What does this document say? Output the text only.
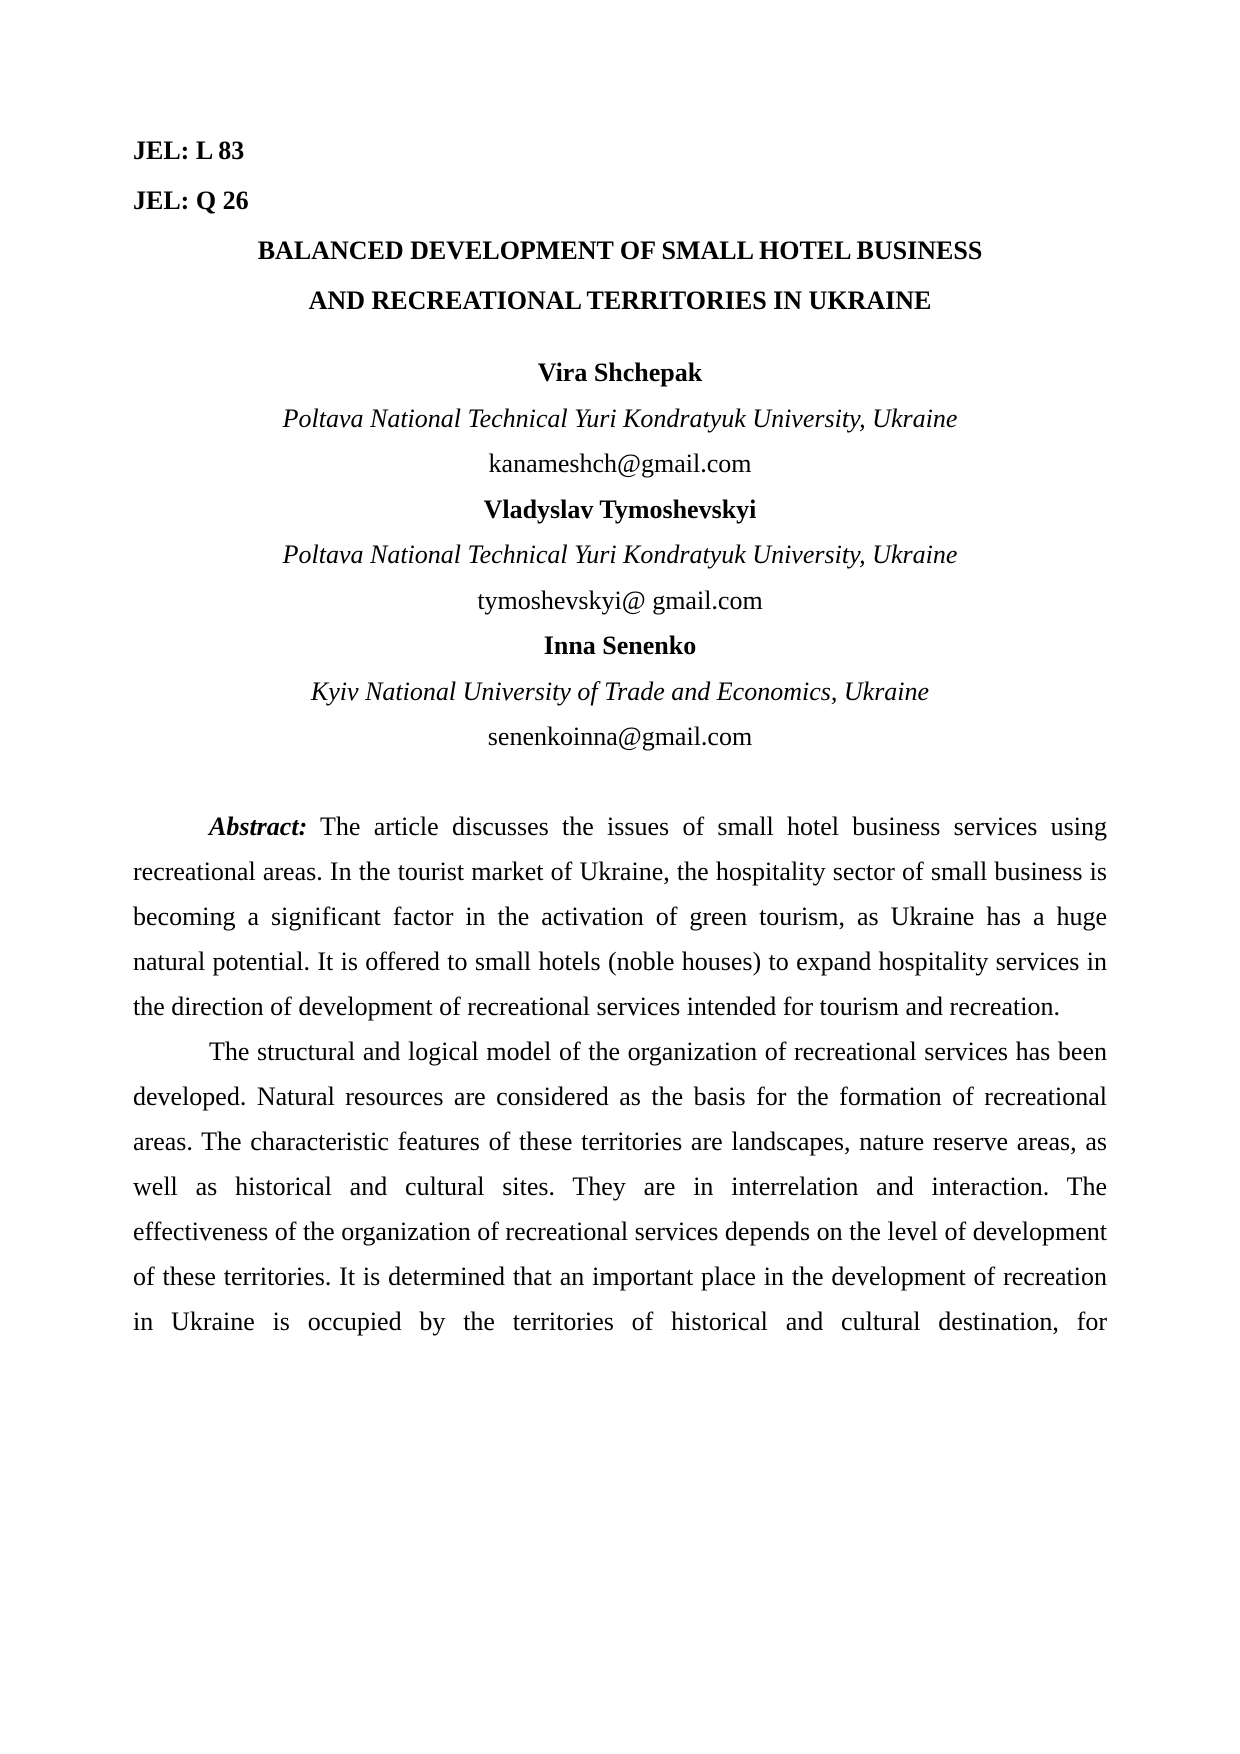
JEL: L 83
JEL: Q 26
BALANCED DEVELOPMENT OF SMALL HOTEL BUSINESS
AND RECREATIONAL TERRITORIES IN UKRAINE
Vira Shchepak
Poltava National Technical Yuri Kondratyuk University, Ukraine
kanameshch@gmail.com
Vladyslav Tymoshevskyi
Poltava National Technical Yuri Kondratyuk University, Ukraine
tymoshevskyi@ gmail.com
Inna Senenko
Kyiv National University of Trade and Economics, Ukraine
senenkoinna@gmail.com

Abstract: The article discusses the issues of small hotel business services using recreational areas. In the tourist market of Ukraine, the hospitality sector of small business is becoming a significant factor in the activation of green tourism, as Ukraine has a huge natural potential. It is offered to small hotels (noble houses) to expand hospitality services in the direction of development of recreational services intended for tourism and recreation.

The structural and logical model of the organization of recreational services has been developed. Natural resources are considered as the basis for the formation of recreational areas. The characteristic features of these territories are landscapes, nature reserve areas, as well as historical and cultural sites. They are in interrelation and interaction. The effectiveness of the organization of recreational services depends on the level of development of these territories. It is determined that an important place in the development of recreation in Ukraine is occupied by the territories of historical and cultural destination, for
